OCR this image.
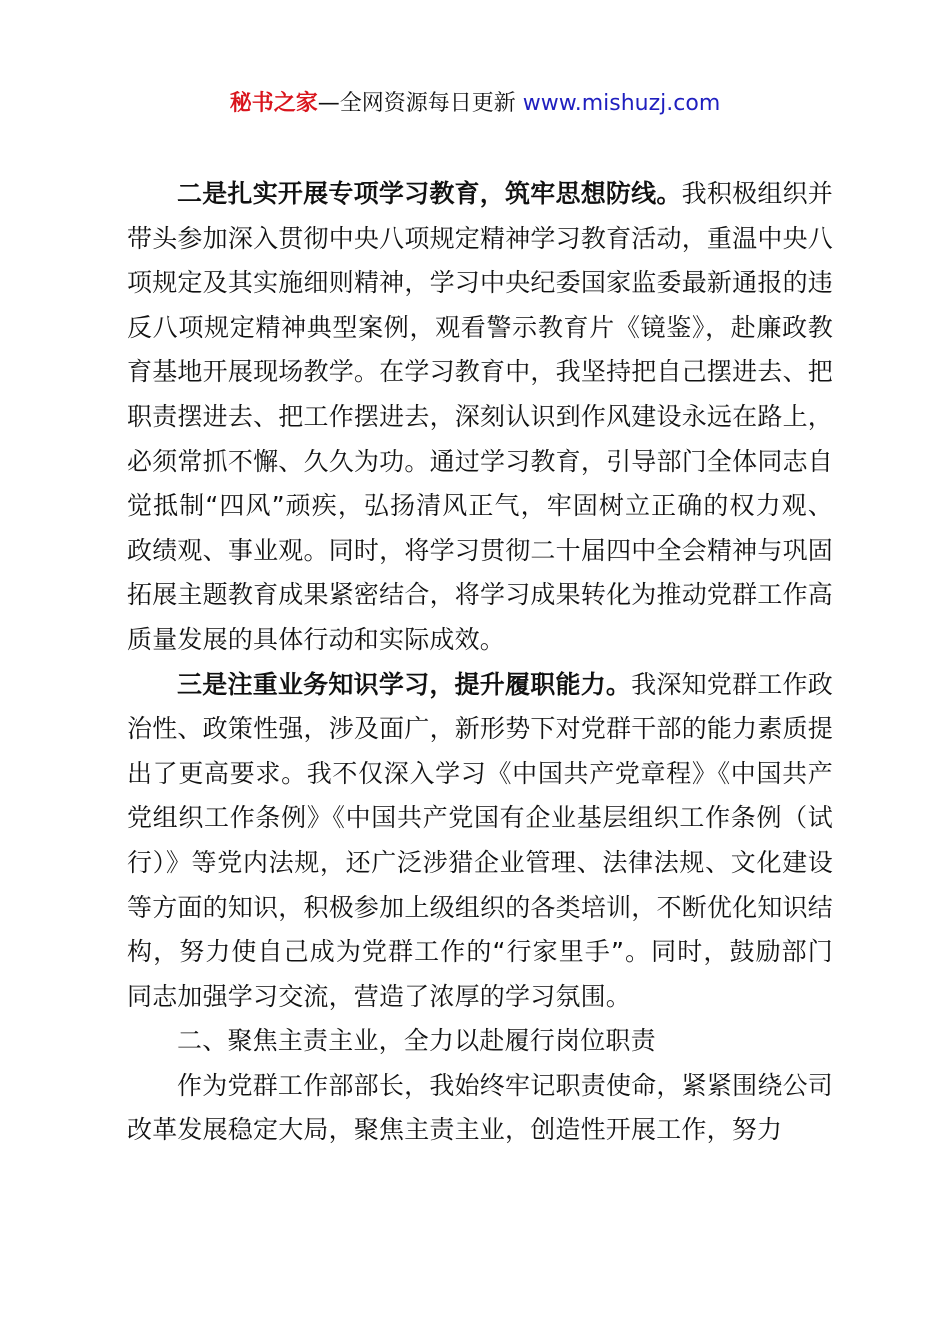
秘书之家—全网资源每日更新 www.mishuzj.com

二是扎实开展专项学习教育，筑牢思想防线。我积极组织并带头参加深入贯彻中央八项规定精神学习教育活动，重温中央八项规定及其实施细则精神，学习中央纪委国家监委最新通报的违反八项规定精神典型案例，观看警示教育片《镜鉴》，赴廉政教育基地开展现场教学。在学习教育中，我坚持把自己摆进去、把职责摆进去、把工作摆进去，深刻认识到作风建设永远在路上，必须常抓不懈、久久为功。通过学习教育，引导部门全体同志自觉抵制“四风”顽疾，弘扬清风正气，牢固树立正确的权力观、政绩观、事业观。同时，将学习贯彻二十届四中全会精神与巩固拓展主题教育成果紧密结合，将学习成果转化为推动党群工作高质量发展的具体行动和实际成效。

三是注重业务知识学习，提升履职能力。我深知党群工作政治性、政策性强，涉及面广，新形势下对党群干部的能力素质提出了更高要求。我不仅深入学习《中国共产党章程》《中国共产党组织工作条例》《中国共产党国有企业基层组织工作条例（试行）》等党内法规，还广泛涉猎企业管理、法律法规、文化建设等方面的知识，积极参加上级组织的各类培训，不断优化知识结构，努力使自己成为党群工作的“行家里手”。同时，鼓励部门同志加强学习交流，营造了浓厚的学习氛围。

二、聚焦主责主业，全力以赴履行岗位职责

作为党群工作部部长，我始终牢记职责使命，紧紧围绕公司改革发展稳定大局，聚焦主责主业，创造性开展工作，努力
